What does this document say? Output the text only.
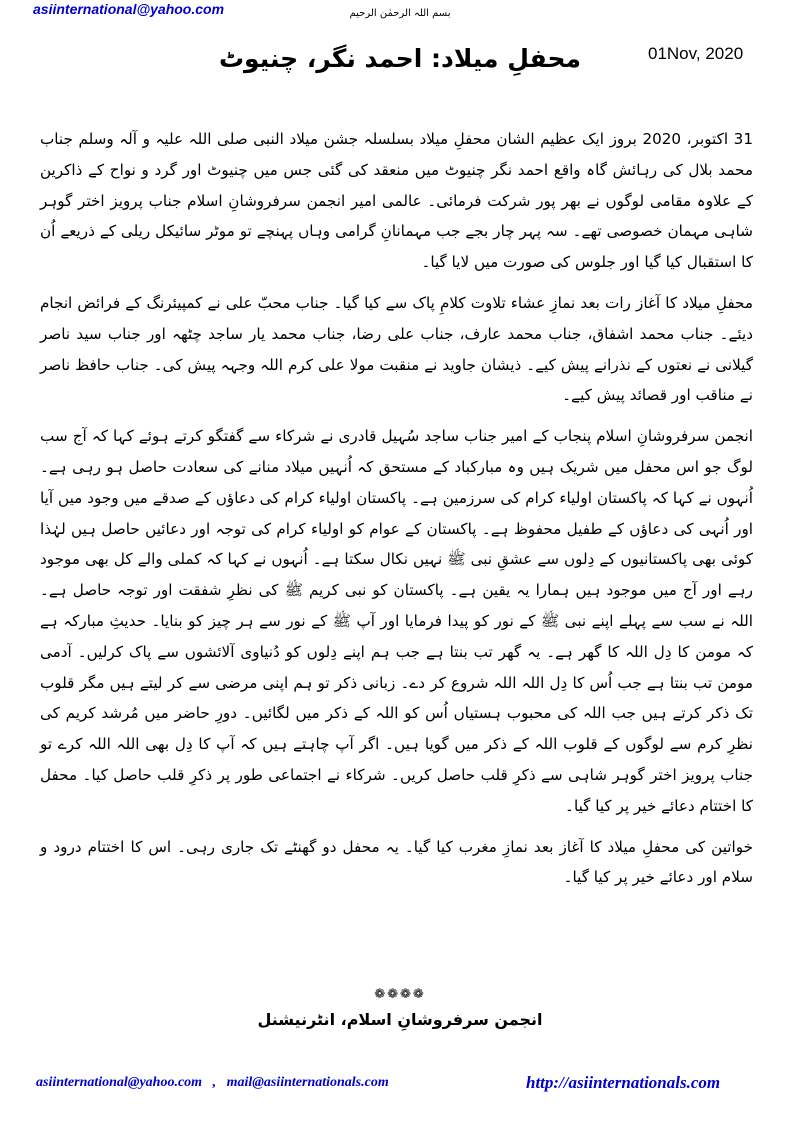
asiinternational@yahoo.com	بسم اللہ الرحمٰن الرحیم
01Nov, 2020
محفلِ میلاد: احمد نگر، چنیوٹ

31 اکتوبر، 2020 بروز ایک عظیم الشان محفلِ میلاد بسلسلہ جشن میلاد النبی صلی اللہ علیہ و آلہ وسلم جناب محمد بلال کی رہائش گاہ واقع احمد نگر چنیوٹ میں منعقد کی گئی جس میں چنیوٹ اور گرد و نواح کے ذاکرین کے علاوہ مقامی لوگوں نے بھر پور شرکت فرمائی۔ عالمی امیر انجمن سرفروشانِ اسلام جناب پرویز اختر گوہر شاہی مہمان خصوصی تھے۔ سہ پہر چار بجے جب مہمانانِ گرامی وہاں پہنچے تو موٹر سائیکل ریلی کے ذریعے اُن کا استقبال کیا گیا اور جلوس کی صورت میں لایا گیا۔

محفلِ میلاد کا آغاز رات بعد نمازِ عشاء تلاوت کلامِ پاک سے کیا گیا۔ جناب محبّ علی نے کمپیئرنگ کے فرائض انجام دیئے۔ جناب محمد اشفاق، جناب محمد عارف، جناب علی رضا، جناب محمد یار ساجد چٹھہ اور جناب سید ناصر گیلانی نے نعتوں کے نذرانے پیش کیے۔ ذیشان جاوید نے منقبت مولا علی کرم اللہ وجہہ پیش کی۔ جناب حافظ ناصر نے مناقب اور قصائد پیش کیے۔

انجمن سرفروشانِ اسلام پنجاب کے امیر جناب ساجد سُہیل قادری نے شرکاء سے گفتگو کرتے ہوئے کہا کہ آج سب لوگ جو اس محفل میں شریک ہیں وہ مبارکباد کے مستحق کہ اُنہیں میلاد منانے کی سعادت حاصل ہو رہی ہے۔ اُنہوں نے کہا کہ پاکستان اولیاء کرام کی سرزمین ہے۔ پاکستان اولیاء کرام کی دعاؤں کے صدقے میں وجود میں آیا اور اُنہی کی دعاؤں کے طفیل محفوظ ہے۔ پاکستان کے عوام کو اولیاء کرام کی توجہ اور دعائیں حاصل ہیں لہٰذا کوئی بھی پاکستانیوں کے دِلوں سے عشقِ نبی ﷺ نہیں نکال سکتا ہے۔ اُنہوں نے کہا کہ کملی والے کل بھی موجود رہے اور آج میں موجود ہیں ہمارا یہ یقین ہے۔ پاکستان کو نبی کریم ﷺ کی نظرِ شفقت اور توجہ حاصل ہے۔ اللہ نے سب سے پہلے اپنے نبی ﷺ کے نور کو پیدا فرمایا اور آپ ﷺ کے نور سے ہر چیز کو بنایا۔ حدیثِ مبارکہ ہے کہ مومن کا دِل اللہ کا گھر ہے۔ یہ گھر تب بنتا ہے جب ہم اپنے دِلوں کو دُنیاوی آلائشوں سے پاک کرلیں۔ آدمی مومن تب بنتا ہے جب اُس کا دِل اللہ اللہ شروع کر دے۔ زبانی ذکر تو ہم اپنی مرضی سے کر لیتے ہیں مگر قلوب تک ذکر کرتے ہیں جب اللہ کی محبوب ہستیاں اُس کو اللہ کے ذکر میں لگائیں۔ دورِ حاضر میں مُرشد کریم کی نظرِ کرم سے لوگوں کے قلوب اللہ کے ذکر میں گویا ہیں۔ اگر آپ چاہتے ہیں کہ آپ کا دِل بھی اللہ اللہ کرے تو جناب پرویز اختر گوہر شاہی سے ذکرِ قلب حاصل کریں۔ شرکاء نے اجتماعی طور پر ذکرِ قلب حاصل کیا۔ محفل کا اختتام دعائے خیر پر کیا گیا۔

خواتین کی محفلِ میلاد کا آغاز بعد نمازِ مغرب کیا گیا۔ یہ محفل دو گھنٹے تک جاری رہی۔ اس کا اختتام درود و سلام اور دعائے خیر پر کیا گیا۔

❁❁❁❁
انجمن سرفروشانِ اسلام، انٹرنیشنل
asiinternational@yahoo.com   ,   mail@asiinternationals.com	http://asiinternationals.com
